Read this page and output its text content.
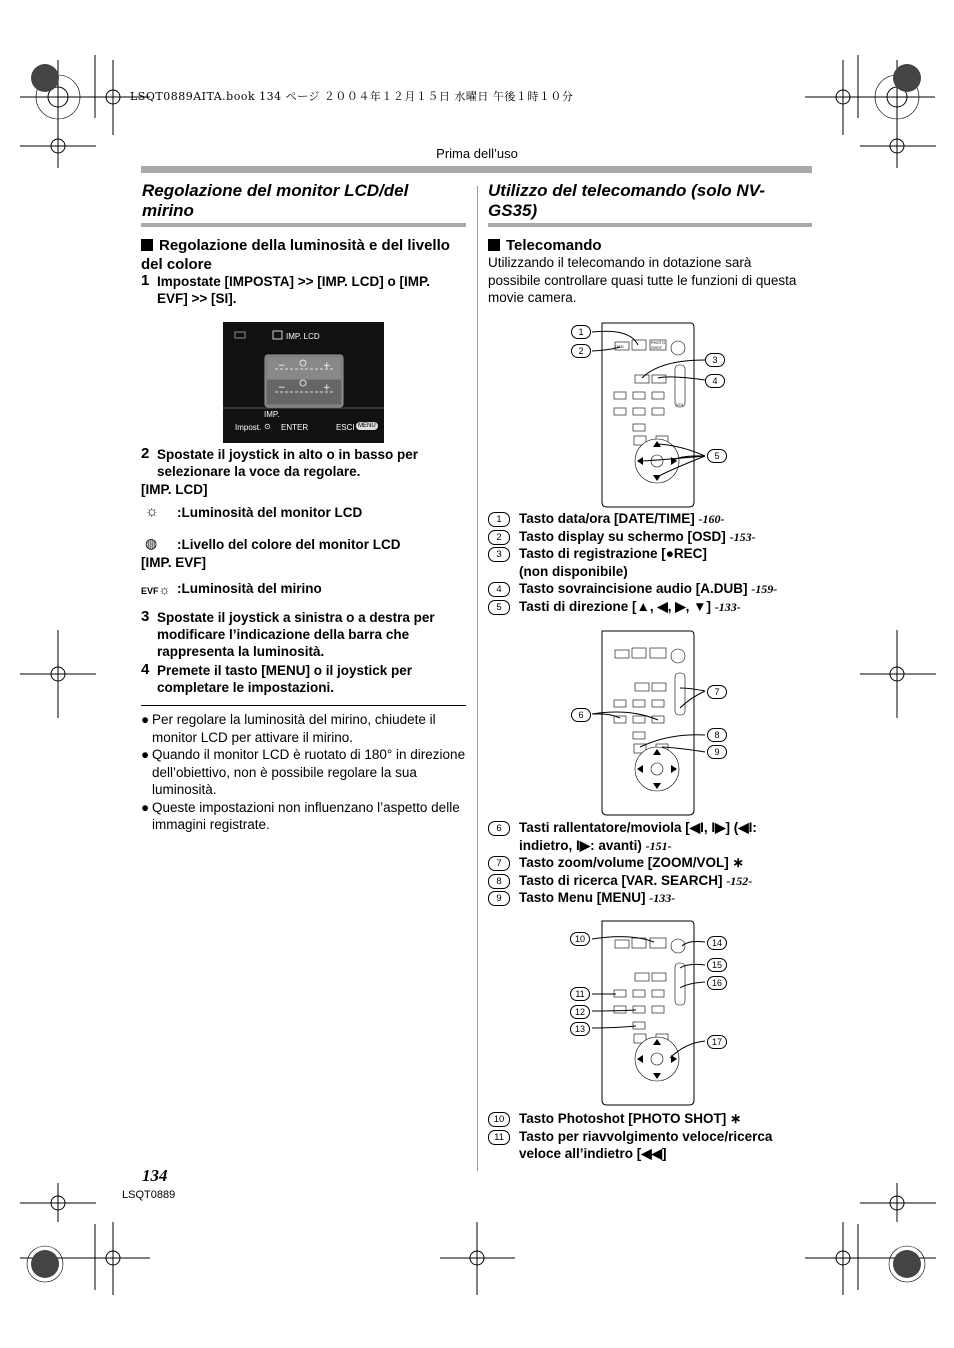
LSQT0889AITA.book 134 ページ ２００４年１２月１５日 水曜日 午後１時１０分
Prima dell’uso
Regolazione del monitor LCD/del mirino
Regolazione della luminosità e del livello del colore
1 Impostate [IMPOSTA] >> [IMP. LCD] o [IMP. EVF] >> [SI].
−	+
−	+
IMP. LCD
IMP.
Impost. ⊙ ENTER	ESCI MENU
2 Spostate il joystick in alto o in basso per selezionare la voce da regolare.
[IMP. LCD]
☼ :Luminosità del monitor LCD
◍ :Livello del colore del monitor LCD
[IMP. EVF]
EVF☼ :Luminosità del mirino
3 Spostate il joystick a sinistra o a destra per modificare l’indicazione della barra che rappresenta la luminosità.
4 Premete il tasto [MENU] o il joystick per completare le impostazioni.
● Per regolare la luminosità del mirino, chiudete il monitor LCD per attivare il mirino.
● Quando il monitor LCD è ruotato di 180° in direzione dell’obiettivo, non è possibile regolare la sua luminosità.
● Queste impostazioni non influenzano l’aspetto delle immagini registrate.
Utilizzo del telecomando (solo NV-GS35)
Telecomando
Utilizzando il telecomando in dotazione sarà possibile controllare quasi tutte le funzioni di questa movie camera.
OSD
PHOTO SHOT
VOL
1
2
3
4
5
1	Tasto data/ora [DATE/TIME] -160-
2	Tasto display su schermo [OSD] -153-
3	Tasto di registrazione [●REC] (non disponibile)
4	Tasto sovraincisione audio [A.DUB] -159-
5	Tasti di direzione [▲, ◀, ▶, ▼] -133-
6
7
8
9
6	Tasti rallentatore/moviola [◀I, I▶] (◀I: indietro, I▶: avanti) -151-
7	Tasto zoom/volume [ZOOM/VOL] ∗
8	Tasto di ricerca [VAR. SEARCH] -152-
9	Tasto Menu [MENU] -133-
10
11
12
13
14
15
16
17
10	Tasto Photoshot [PHOTO SHOT] ∗
11	Tasto per riavvolgimento veloce/ricerca veloce all’indietro [◀◀]
134
LSQT0889
